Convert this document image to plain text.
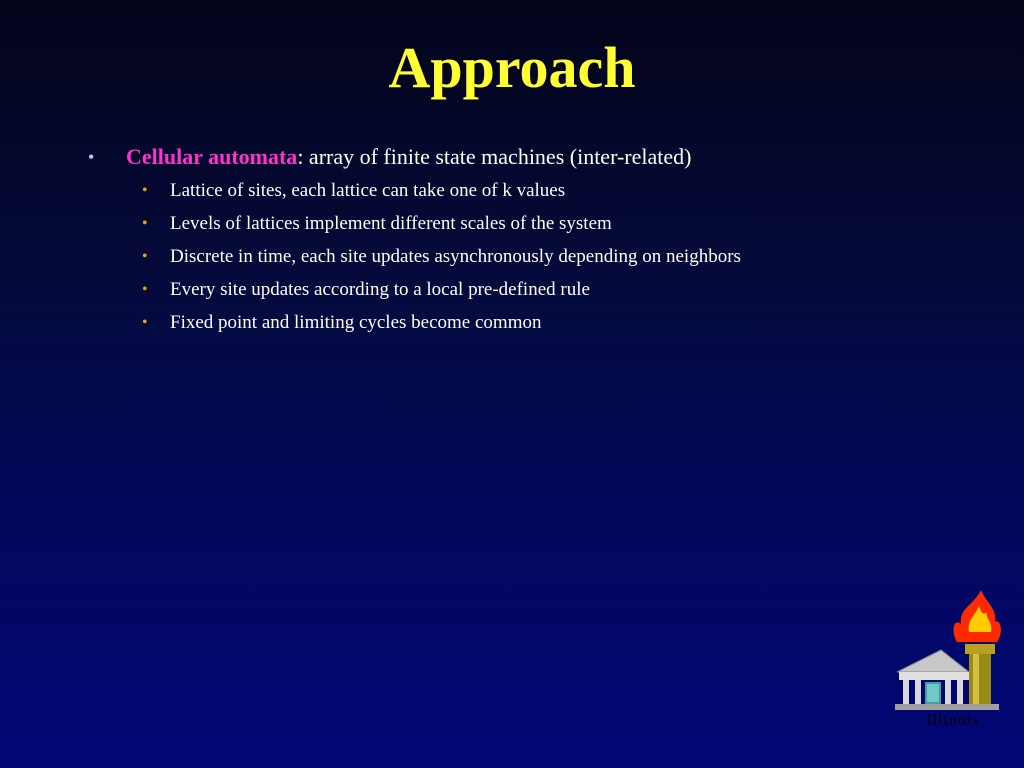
Approach
• Cellular automata: array of finite state machines (inter-related)
• Lattice of sites, each lattice can take one of k values
• Levels of lattices implement different scales of the system
• Discrete in time, each site updates asynchronously depending on neighbors
• Every site updates according to a local pre-defined rule
• Fixed point and limiting cycles become common
Illinois
